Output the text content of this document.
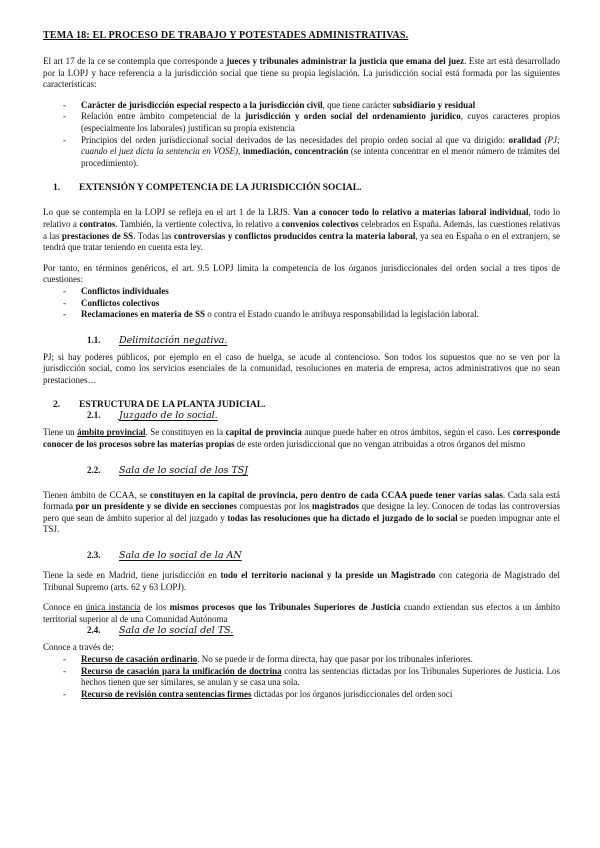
TEMA 18: EL PROCESO DE TRABAJO Y POTESTADES ADMINISTRATIVAS.

El art 17 de la ce se contempla que corresponde a jueces y tribunales administrar la justicia que emana del juez. Este art está desarrollado por la LOPJ y hace referencia a la jurisdicción social que tiene su propia legislación. La jurisdicción social está formada por las siguientes características:

- Carácter de jurisdicción especial respecto a la jurisdicción civil, que tiene carácter subsidiario y residual
- Relación entre ámbito competencial de la jurisdicción y orden social del ordenamiento jurídico, cuyos caracteres propios (especialmente los laborales) justifican su propia existencia
- Principios del orden jurisdiccional social derivados de las necesidades del propio orden social al que va dirigido: oralidad (PJ; cuando el juez dicta la sentencia en VOSE), inmediación, concentración (se intenta concentrar en el menor número de trámites del procedimiento).
1.	EXTENSIÓN Y COMPETENCIA DE LA JURISDICCIÓN SOCIAL .

Lo que se contempla en la LOPJ se refleja en el art 1 de la LRJS. Van a conocer todo lo relativo a materias laboral individual, todo lo relativo a contratos. También, la vertiente colectiva, lo relativo a convenios colectivos celebrados en España. Además, las cuestiones relativas a las prestaciones de SS. Todas las controversias y conflictos producidos centra la materia laboral, ya sea en España o en el extranjero, se tendrá que tratar teniendo en cuenta esta ley.

Por tanto, en términos genéricos, el art. 9.5 LOPJ limita la competencia de los órganos jurisdiccionales del orden social a tres tipos de cuestiones:

- Conflictos individuales
- Conflictos colectivos
- Reclamaciones en materia de SS o contra el Estado cuando le atribuya responsabilidad la legislación laboral.
1.1.	Delimitación negativa.

PJ; si hay poderes públicos, por ejemplo en el caso de huelga, se acude al contencioso. Son todos los supuestos que no se ven por la jurisdicción social, como los servicios esenciales de la comunidad, resoluciones en materia de empresa, actos administrativos que no sean prestaciones…

2.	ESTRUCTURA DE LA PLANTA JUDICIAL .
2.1.	Juzgado de lo social.

Tiene un ámbito provincial. Se constituyen en la capital de provincia aunque puede haber en otros ámbitos, según el caso. Les corresponde conocer de los procesos sobre las materias propias de este orden jurisdiccional que no vengan atribuidas a otros órganos del mismo

2.2.	Sala de lo social de los TSJ

Tienen ámbito de CCAA, se constituyen en la capital de provincia, pero dentro de cada CCAA puede tener varias salas. Cada sala está formada por un presidente y se divide en secciones compuestas por los magistrados que designe la ley. Conocen de todas las controversias pero que sean de ámbito superior al del juzgado y todas las resoluciones que ha dictado el juzgado de lo social se pueden impugnar ante el TSJ.

2.3.	Sala de lo social de la AN

Tiene la sede en Madrid, tiene jurisdicción en todo el territorio nacional y la preside un Magistrado con categoría de Magistrado del Tribunal Supremo (arts. 62 y 63 LOPJ).

Conoce en única instancia de los mismos procesos que los Tribunales Superiores de Justicia cuando extiendan sus efectos a un ámbito territorial superior al de una Comunidad Autónoma

2.4.	Sala de lo social del TS.

Conoce a través de:

- Recurso de casación ordinario. No se puede ir de forma directa, hay que pasar por los tribunales inferiores.
- Recurso de casación para la unificación de doctrina contra las sentencias dictadas por los Tribunales Superiores de Justicia. Los hechos tienen que ser similares, se anulan y se casa una sola.
- Recurso de revisión contra sentencias firmes dictadas por los órganos jurisdiccionales del orden soci
